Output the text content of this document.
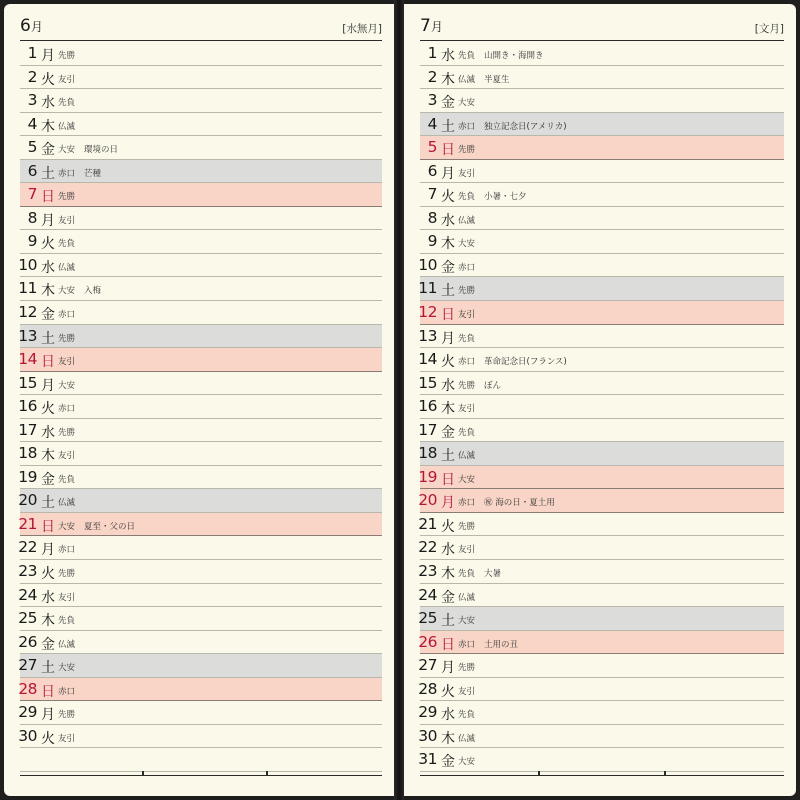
6月	[水無月]
1 月 先勝
2 火 友引
3 水 先負
4 木 仏滅
5 金 大安 環境の日
6 土 赤口 芒種
7 日 先勝
8 月 友引
9 火 先負
10 水 仏滅
11 木 大安 入梅
12 金 赤口
13 土 先勝
14 日 友引
15 月 大安
16 火 赤口
17 水 先勝
18 木 友引
19 金 先負
20 土 仏滅
21 日 大安 夏至・父の日
22 月 赤口
23 火 先勝
24 水 友引
25 木 先負
26 金 仏滅
27 土 大安
28 日 赤口
29 月 先勝
30 火 友引
7月	[文月]
1 水 先負 山開き・海開き
2 木 仏滅 半夏生
3 金 大安
4 土 赤口 独立記念日(アメリカ)
5 日 先勝
6 月 友引
7 火 先負 小暑・七夕
8 水 仏滅
9 木 大安
10 金 赤口
11 土 先勝
12 日 友引
13 月 先負
14 火 赤口 革命記念日(フランス)
15 水 先勝 ぼん
16 木 友引
17 金 先負
18 土 仏滅
19 日 大安
20 月 赤口 ㊗ 海の日・夏土用
21 火 先勝
22 水 友引
23 木 先負 大暑
24 金 仏滅
25 土 大安
26 日 赤口 土用の丑
27 月 先勝
28 火 友引
29 水 先負
30 木 仏滅
31 金 大安
